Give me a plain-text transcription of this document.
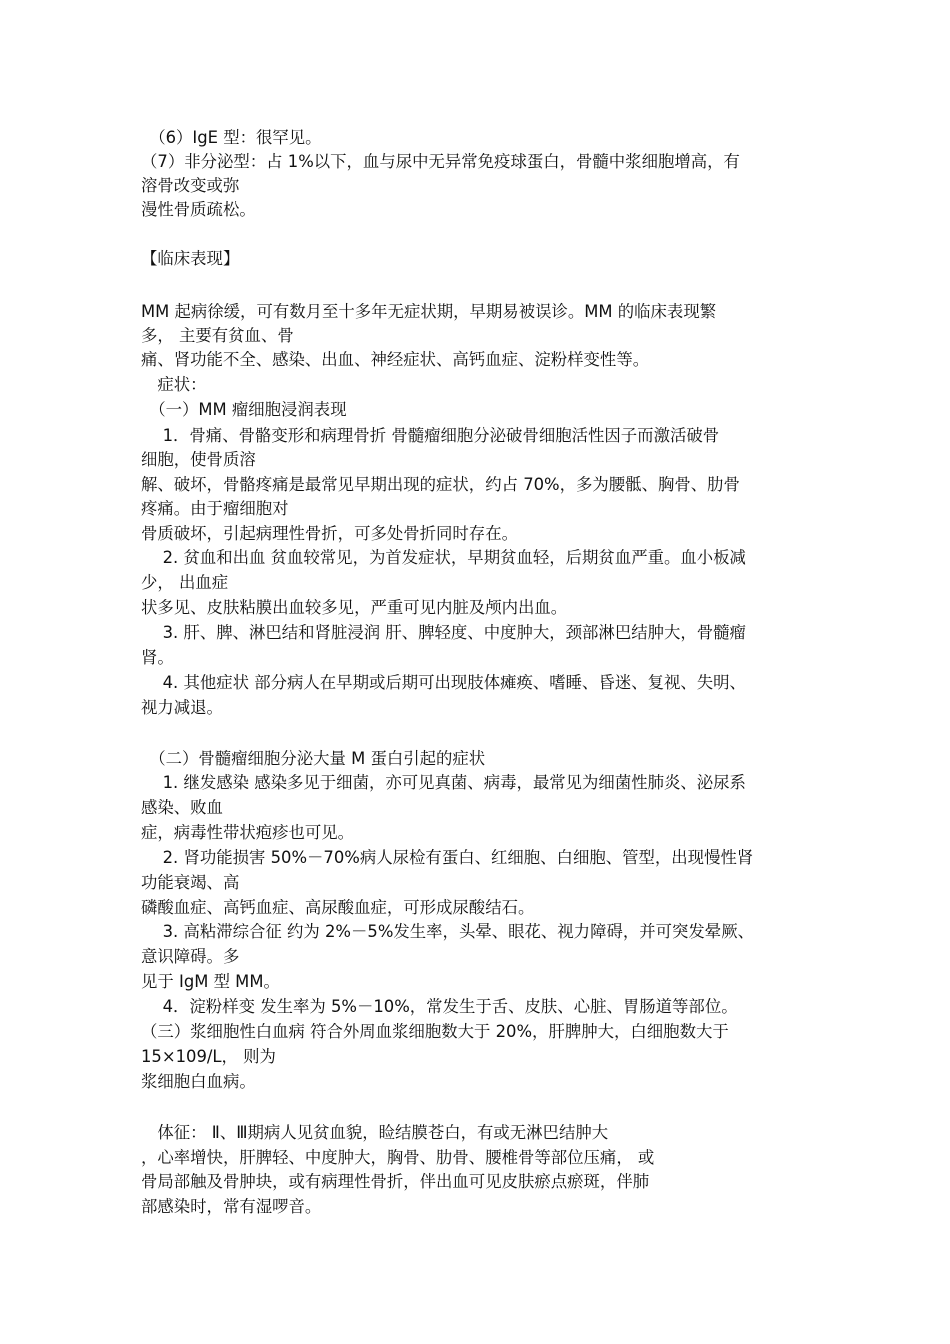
　（6）IgE 型：很罕见。

（7）非分泌型：占 1%以下，血与尿中无异常免疫球蛋白，骨髓中浆细胞增高，有

溶骨改变或弥

漫性骨质疏松。

【临床表现】

MM 起病徐缓，可有数月至十多年无症状期，早期易被误诊。MM 的临床表现繁

多， 主要有贫血、骨

痛、肾功能不全、感染、出血、神经症状、高钙血症、淀粉样变性等。

　症状：

　（一）MM 瘤细胞浸润表现

　 1．骨痛、骨骼变形和病理骨折 骨髓瘤细胞分泌破骨细胞活性因子而激活破骨

细胞，使骨质溶

解、破坏，骨骼疼痛是最常见早期出现的症状，约占 70%，多为腰骶、胸骨、肋骨

疼痛。由于瘤细胞对

骨质破坏，引起病理性骨折，可多处骨折同时存在。

　 2. 贫血和出血 贫血较常见，为首发症状，早期贫血轻，后期贫血严重。血小板减

少， 出血症

状多见、皮肤粘膜出血较多见，严重可见内脏及颅内出血。

　 3. 肝、脾、淋巴结和肾脏浸润 肝、脾轻度、中度肿大，颈部淋巴结肿大，骨髓瘤

肾。

　 4. 其他症状 部分病人在早期或后期可出现肢体瘫痪、嗜睡、昏迷、复视、失明、

视力减退。

　（二）骨髓瘤细胞分泌大量 M 蛋白引起的症状

　 1. 继发感染 感染多见于细菌，亦可见真菌、病毒，最常见为细菌性肺炎、泌尿系

感染、败血

症，病毒性带状疱疹也可见。

　 2. 肾功能损害 50%－70%病人尿检有蛋白、红细胞、白细胞、管型，出现慢性肾

功能衰竭、高

磷酸血症、高钙血症、高尿酸血症，可形成尿酸结石。

　 3. 高粘滞综合征 约为 2%－5%发生率，头晕、眼花、视力障碍，并可突发晕厥、

意识障碍。多

见于 IgM 型 MM。

　 4．淀粉样变 发生率为 5%－10%，常发生于舌、皮肤、心脏、胃肠道等部位。

（三）浆细胞性白血病 符合外周血浆细胞数大于 20%，肝脾肿大，白细胞数大于

15×109/L， 则为

浆细胞白血病。

　体征： Ⅱ、Ⅲ期病人见贫血貌，睑结膜苍白，有或无淋巴结肿大

，心率增快，肝脾轻、中度肿大，胸骨、肋骨、腰椎骨等部位压痛， 或

骨局部触及骨肿块，或有病理性骨折，伴出血可见皮肤瘀点瘀斑，伴肺

部感染时，常有湿啰音。
